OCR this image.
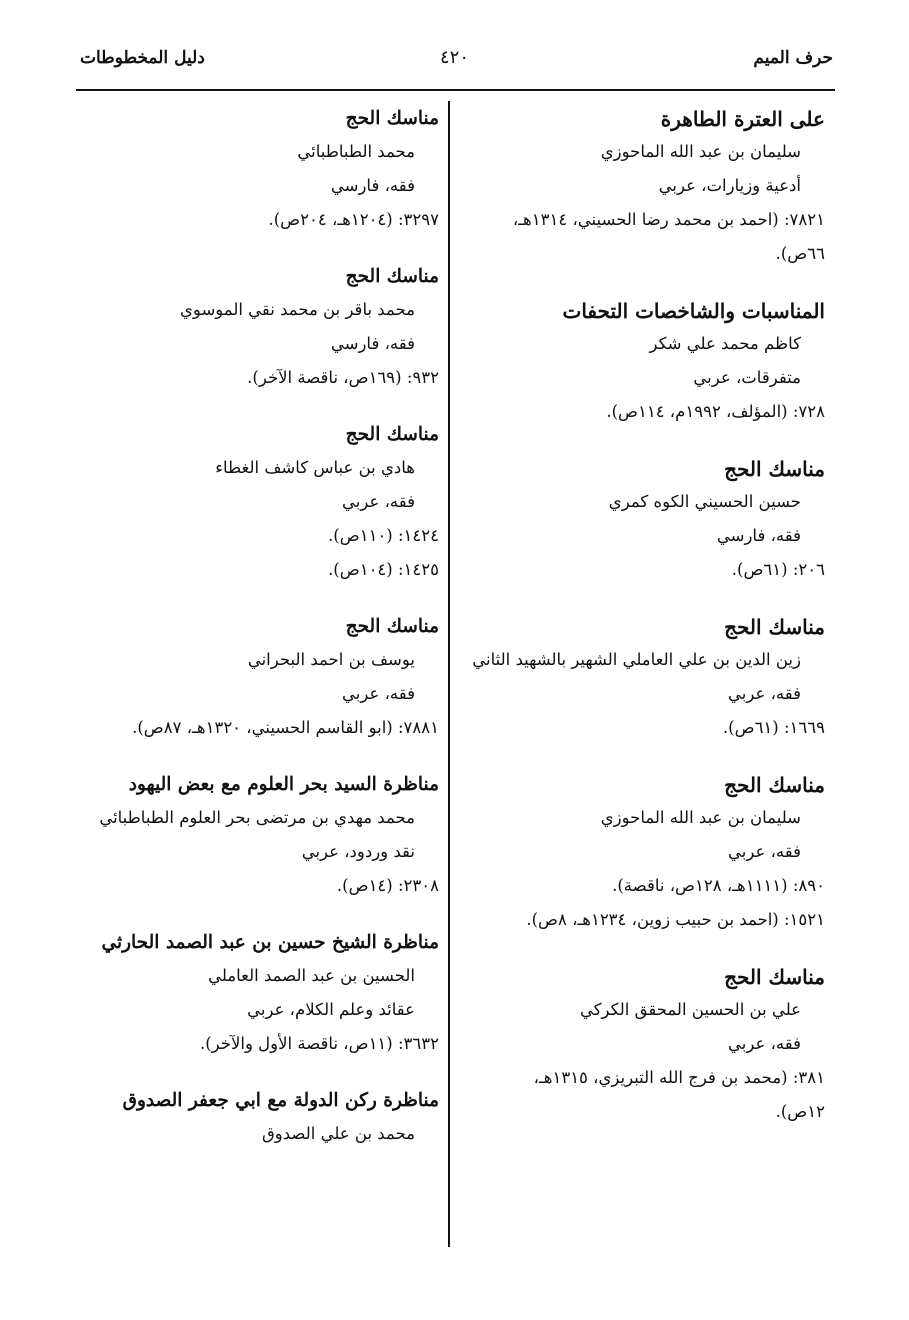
حرف الميم
٤٢٠
دليل المخطوطات
على العترة الطاهرة
سليمان بن عبد الله الماحوزي
أدعية وزيارات، عربي
٧٨٢١: (احمد بن محمد رضا الحسيني، ١٣١٤هـ،
٦٦ص).
المناسبات والشاخصات التحفات
كاظم محمد علي شكر
متفرقات، عربي
٧٢٨: (المؤلف، ١٩٩٢م، ١١٤ص).
مناسك الحج
حسين الحسيني الكوه كمري
فقه، فارسي
٢٠٦: (٦١ص).
مناسك الحج
زين الدين بن علي العاملي الشهير بالشهيد الثاني
فقه، عربي
١٦٦٩: (٦١ص).
مناسك الحج
سليمان بن عبد الله الماحوزي
فقه، عربي
٨٩٠: (١١١١هـ، ١٢٨ص، ناقصة).
١٥٢١: (احمد بن حبيب زوين، ١٢٣٤هـ، ٨ص).
مناسك الحج
علي بن الحسين المحقق الكركي
فقه، عربي
٣٨١: (محمد بن فرج الله التبريزي، ١٣١٥هـ،
١٢ص).
مناسك الحج
محمد الطباطبائي
فقه، فارسي
٣٢٩٧: (١٢٠٤هـ، ٢٠٤ص).
مناسك الحج
محمد باقر بن محمد نقي الموسوي
فقه، فارسي
٩٣٢: (١٦٩ص، ناقصة الآخر).
مناسك الحج
هادي بن عباس كاشف الغطاء
فقه، عربي
١٤٢٤: (١١٠ص).
١٤٢٥: (١٠٤ص).
مناسك الحج
يوسف بن احمد البحراني
فقه، عربي
٧٨٨١: (ابو القاسم الحسيني، ١٣٢٠هـ، ٨٧ص).
مناظرة السيد بحر العلوم مع بعض اليهود
محمد مهدي بن مرتضى بحر العلوم الطباطبائي
نقد وردود، عربي
٢٣٠٨: (١٤ص).
مناظرة الشيخ حسين بن عبد الصمد الحارثي
الحسين بن عبد الصمد العاملي
عقائد وعلم الكلام، عربي
٣٦٣٢: (١١ص، ناقصة الأول والآخر).
مناظرة ركن الدولة مع ابي جعفر الصدوق
محمد بن علي الصدوق
